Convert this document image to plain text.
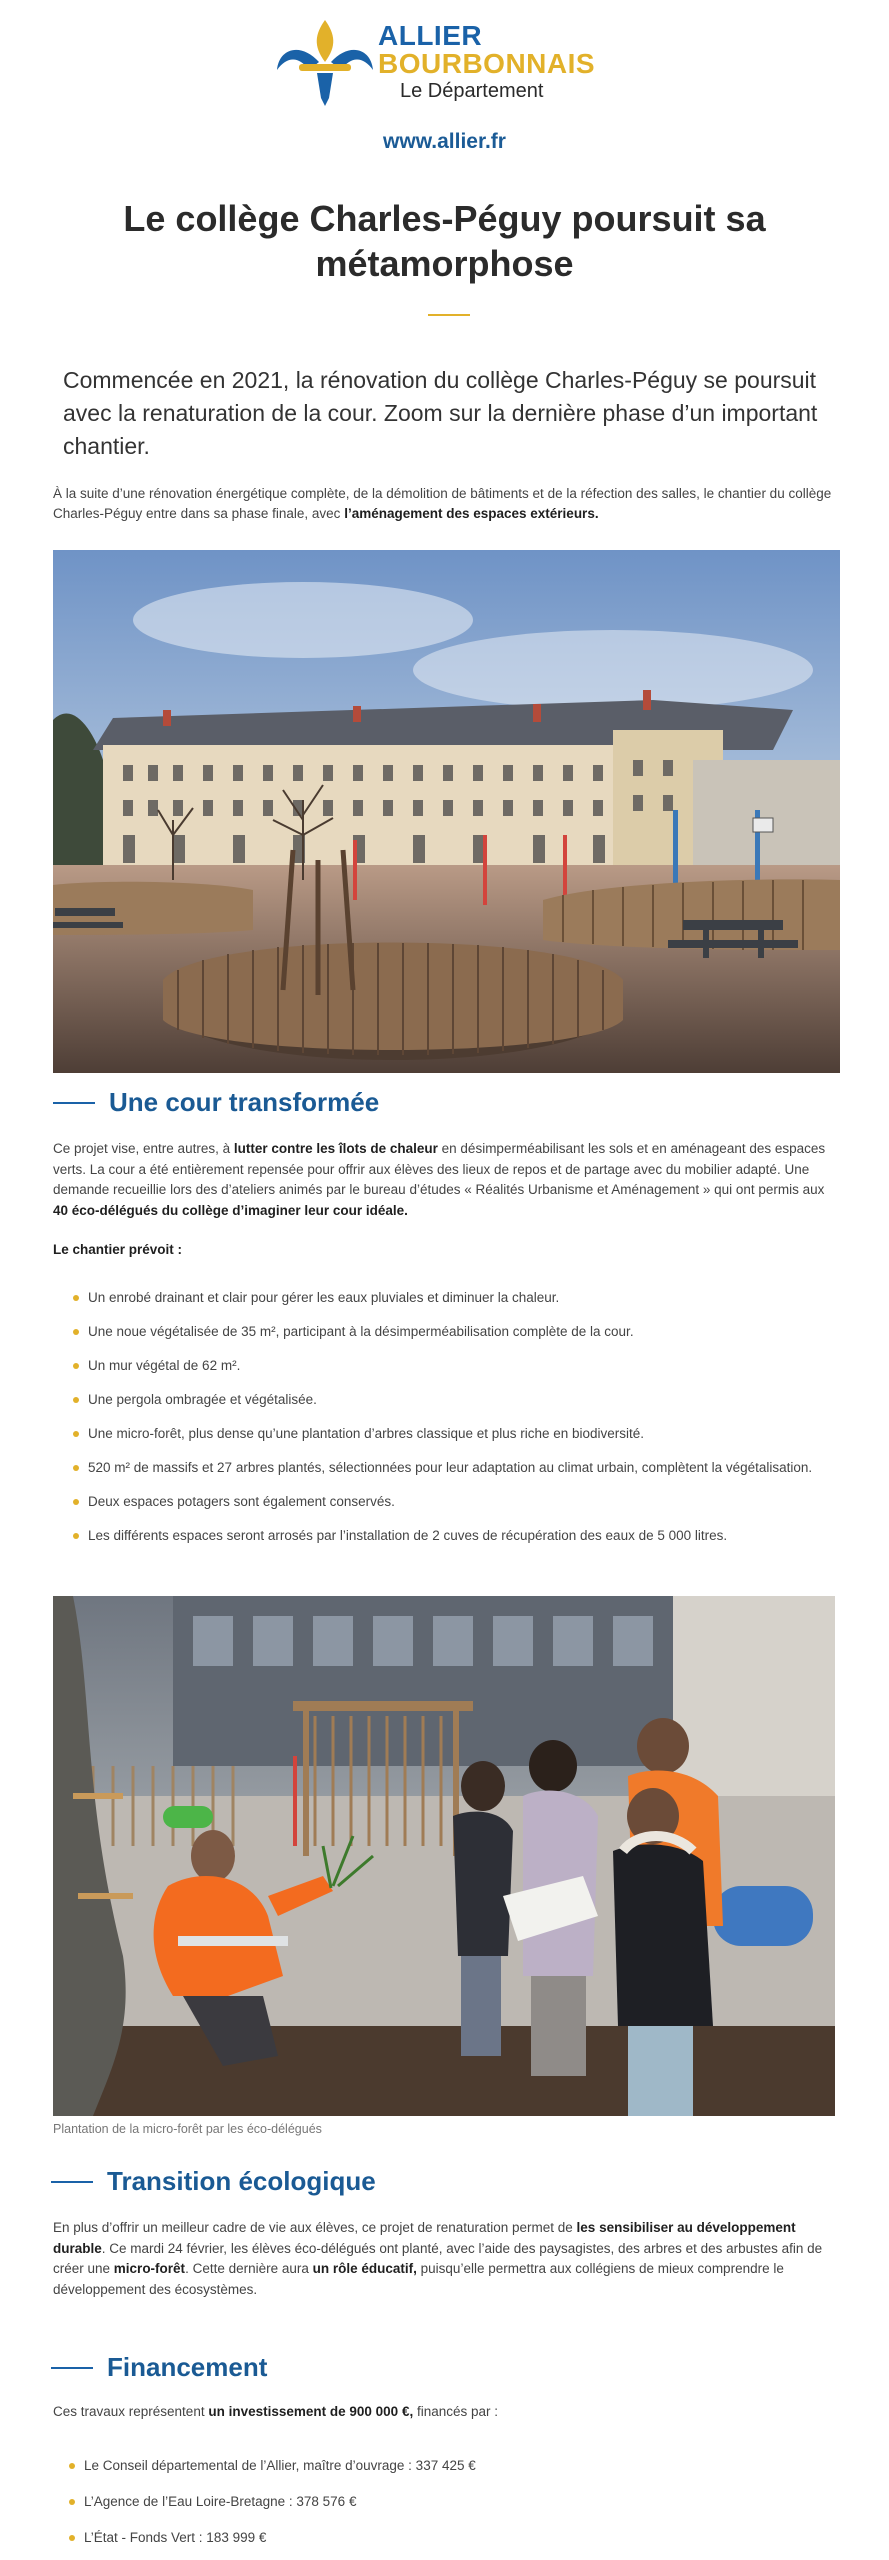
ALLIER
BOURBONNAIS
Le Département
www.allier.fr
Le collège Charles-Péguy poursuit sa métamorphose

Commencée en 2021, la rénovation du collège Charles-Péguy se poursuit avec la renaturation de la cour. Zoom sur la dernière phase d’un important chantier.

À la suite d’une rénovation énergétique complète, de la démolition de bâtiments et de la réfection des salles, le chantier du collège Charles-Péguy entre dans sa phase finale, avec l’aménagement des espaces extérieurs.

Une cour transformée

Ce projet vise, entre autres, à lutter contre les îlots de chaleur en désimperméabilisant les sols et en aménageant des espaces verts. La cour a été entièrement repensée pour offrir aux élèves des lieux de repos et de partage avec du mobilier adapté. Une demande recueillie lors des d’ateliers animés par le bureau d’études « Réalités Urbanisme et Aménagement » qui ont permis aux 40 éco-délégués du collège d’imaginer leur cour idéale.

Le chantier prévoit :

Un enrobé drainant et clair pour gérer les eaux pluviales et diminuer la chaleur.
Une noue végétalisée de 35 m², participant à la désimperméabilisation complète de la cour.
Un mur végétal de 62 m².
Une pergola ombragée et végétalisée.
Une micro-forêt, plus dense qu’une plantation d’arbres classique et plus riche en biodiversité.
520 m² de massifs et 27 arbres plantés, sélectionnées pour leur adaptation au climat urbain, complètent la végétalisation.
Deux espaces potagers sont également conservés.
Les différents espaces seront arrosés par l’installation de 2 cuves de récupération des eaux de 5 000 litres.

Plantation de la micro-forêt par les éco-délégués

Transition écologique

En plus d’offrir un meilleur cadre de vie aux élèves, ce projet de renaturation permet de les sensibiliser au développement durable. Ce mardi 24 février, les élèves éco-délégués ont planté, avec l’aide des paysagistes, des arbres et des arbustes afin de créer une micro-forêt. Cette dernière aura un rôle éducatif, puisqu’elle permettra aux collégiens de mieux comprendre le développement des écosystèmes.

Financement

Ces travaux représentent un investissement de 900 000 €, financés par :

Le Conseil départemental de l’Allier, maître d’ouvrage : 337 425 €
L’Agence de l’Eau Loire-Bretagne : 378 576 €
L’État - Fonds Vert : 183 999 €
